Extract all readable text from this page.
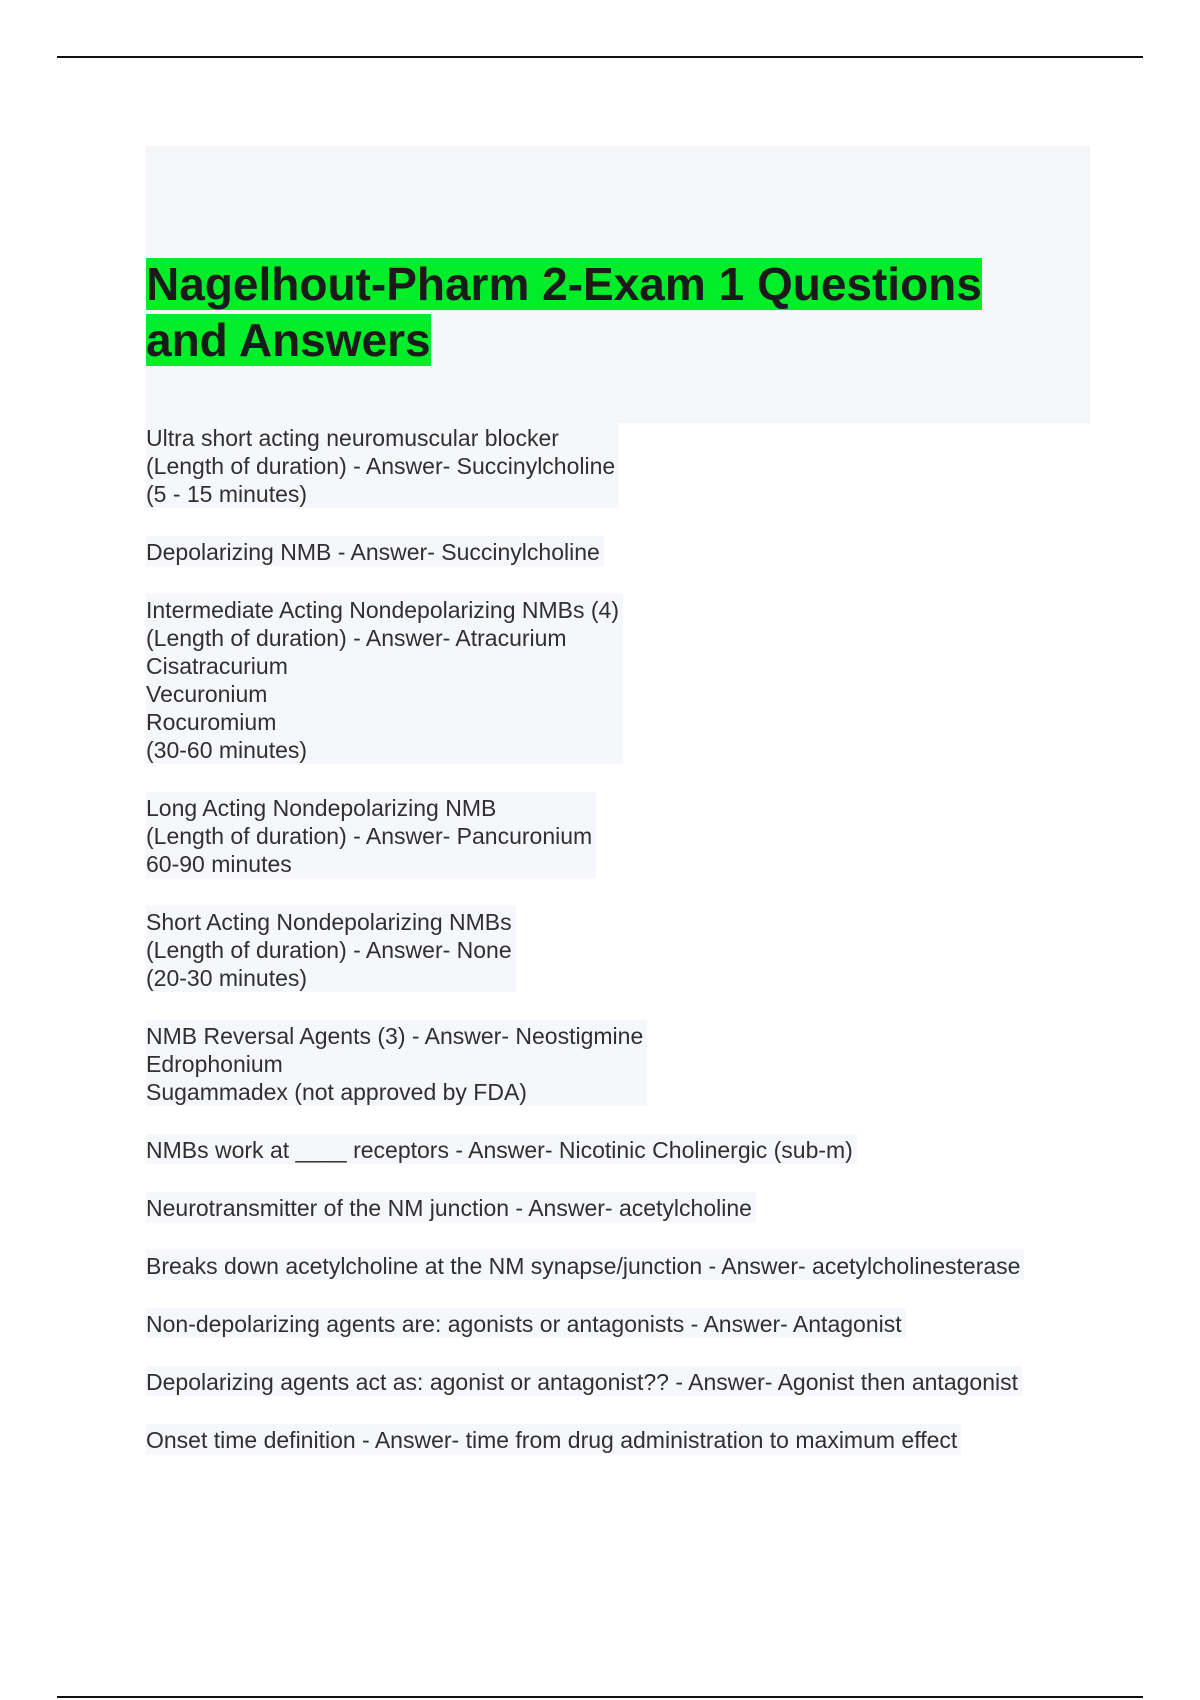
Nagelhout-Pharm 2-Exam 1 Questions and Answers
Ultra short acting neuromuscular blocker
(Length of duration) - Answer- Succinylcholine
(5 - 15 minutes)
Depolarizing NMB - Answer- Succinylcholine
Intermediate Acting Nondepolarizing NMBs (4)
(Length of duration) - Answer- Atracurium
Cisatracurium
Vecuronium
Rocuromium
(30-60 minutes)
Long Acting Nondepolarizing NMB
(Length of duration) - Answer- Pancuronium
60-90 minutes
Short Acting Nondepolarizing NMBs
(Length of duration) - Answer- None
(20-30 minutes)
NMB Reversal Agents (3) - Answer- Neostigmine
Edrophonium
Sugammadex (not approved by FDA)
NMBs work at ____ receptors - Answer- Nicotinic Cholinergic (sub-m)
Neurotransmitter of the NM junction - Answer- acetylcholine
Breaks down acetylcholine at the NM synapse/junction - Answer- acetylcholinesterase
Non-depolarizing agents are: agonists or antagonists - Answer- Antagonist
Depolarizing agents act as: agonist or antagonist?? - Answer- Agonist then antagonist
Onset time definition - Answer- time from drug administration to maximum effect
